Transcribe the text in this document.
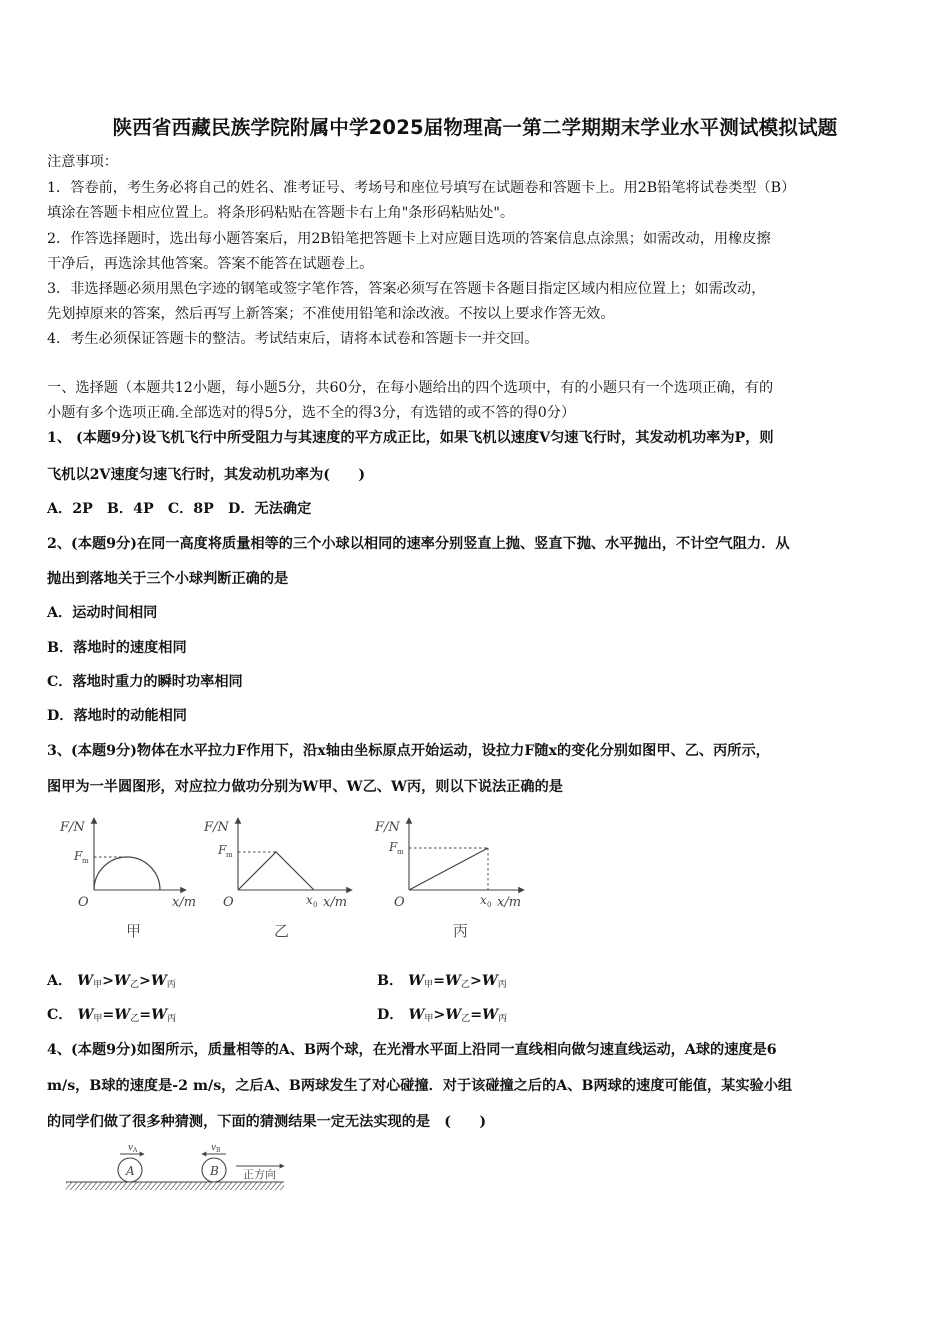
陕西省西藏民族学院附属中学2025届物理高一第二学期期末学业水平测试模拟试题
注意事项：
1．答卷前，考生务必将自己的姓名、准考证号、考场号和座位号填写在试题卷和答题卡上。用2B铅笔将试卷类型（B）
填涂在答题卡相应位置上。将条形码粘贴在答题卡右上角"条形码粘贴处"。
2．作答选择题时，选出每小题答案后，用2B铅笔把答题卡上对应题目选项的答案信息点涂黑；如需改动，用橡皮擦
干净后，再选涂其他答案。答案不能答在试题卷上。
3．非选择题必须用黑色字迹的钢笔或签字笔作答，答案必须写在答题卡各题目指定区域内相应位置上；如需改动，
先划掉原来的答案，然后再写上新答案；不准使用铅笔和涂改液。不按以上要求作答无效。
4．考生必须保证答题卡的整洁。考试结束后，请将本试卷和答题卡一并交回。
一、选择题（本题共12小题，每小题5分，共60分，在每小题给出的四个选项中，有的小题只有一个选项正确，有的
小题有多个选项正确.全部选对的得5分，选不全的得3分，有选错的或不答的得0分）
1、 (本题9分)设飞机飞行中所受阻力与其速度的平方成正比，如果飞机以速度V匀速飞行时，其发动机功率为P，则
飞机以2V速度匀速飞行时，其发动机功率为(　　)
A．2P　B．4P　C．8P　D．无法确定
2、(本题9分)在同一高度将质量相等的三个小球以相同的速率分别竖直上抛、竖直下抛、水平抛出，不计空气阻力．从
抛出到落地关于三个小球判断正确的是
A．运动时间相同
B．落地时的速度相同
C．落地时重力的瞬时功率相同
D．落地时的动能相同
3、(本题9分)物体在水平拉力F作用下，沿x轴由坐标原点开始运动，设拉力F随x的变化分别如图甲、乙、丙所示，
图甲为一半圆图形，对应拉力做功分别为W甲、W乙、W丙，则以下说法正确的是
F/N
F m
O	x/m
甲
F/N
F m
O	x 0 x/m
乙
F/N
F m
O	x 0 x/m
丙
A． $W_甲>W_乙>W_丙$	B． $W_甲=W_乙>W_丙$
C． $W_甲=W_乙=W_丙$	D． $W_甲>W_乙=W_丙$
4、(本题9分)如图所示，质量相等的A、B两个球，在光滑水平面上沿同一直线相向做匀速直线运动，A球的速度是6
m/s，B球的速度是-2 m/s，之后A、B两球发生了对心碰撞．对于该碰撞之后的A、B两球的速度可能值，某实验小组
的同学们做了很多种猜测，下面的猜测结果一定无法实现的是　(　　)
A
v A
B
v B
正方向
